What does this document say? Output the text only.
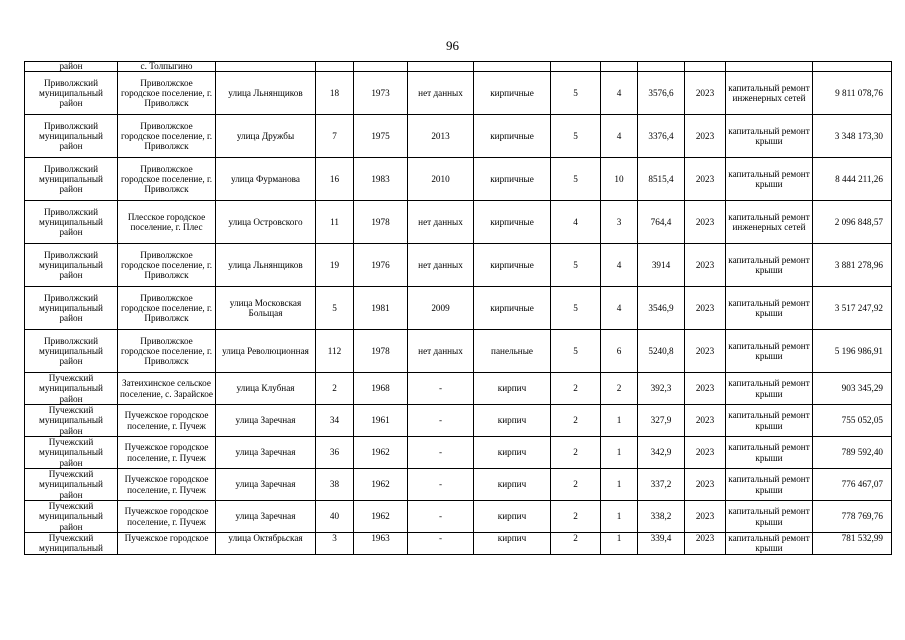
96
район	с. Толпыгино											
Приволжский муниципальный район	Приволжское городское поселение, г. Приволжск	улица Льнянщиков	18	1973	нет данных	кирпичные	5	4	3576,6	2023	капитальный ремонт инженерных сетей	9 811 078,76
Приволжский муниципальный район	Приволжское городское поселение, г. Приволжск	улица Дружбы	7	1975	2013	кирпичные	5	4	3376,4	2023	капитальный ремонт крыши	3 348 173,30
Приволжский муниципальный район	Приволжское городское поселение, г. Приволжск	улица Фурманова	16	1983	2010	кирпичные	5	10	8515,4	2023	капитальный ремонт крыши	8 444 211,26
Приволжский муниципальный район	Плесское городское поселение, г. Плес	улица Островского	11	1978	нет данных	кирпичные	4	3	764,4	2023	капитальный ремонт инженерных сетей	2 096 848,57
Приволжский муниципальный район	Приволжское городское поселение, г. Приволжск	улица Льнянщиков	19	1976	нет данных	кирпичные	5	4	3914	2023	капитальный ремонт крыши	3 881 278,96
Приволжский муниципальный район	Приволжское городское поселение, г. Приволжск	улица Московская Больщая	5	1981	2009	кирпичные	5	4	3546,9	2023	капитальный ремонт крыши	3 517 247,92
Приволжский муниципальный район	Приволжское городское поселение, г. Приволжск	улица Революционная	112	1978	нет данных	панельные	5	6	5240,8	2023	капитальный ремонт крыши	5 196 986,91
Пучежский муниципальный район	Затеихинское сельское поселение, с. Зарайское	улица Клубная	2	1968	-	кирпич	2	2	392,3	2023	капитальный ремонт крыши	903 345,29
Пучежский муниципальный район	Пучежское городское поселение, г. Пучеж	улица Заречная	34	1961	-	кирпич	2	1	327,9	2023	капитальный ремонт крыши	755 052,05
Пучежский муниципальный район	Пучежское городское поселение, г. Пучеж	улица Заречная	36	1962	-	кирпич	2	1	342,9	2023	капитальный ремонт крыши	789 592,40
Пучежский муниципальный район	Пучежское городское поселение, г. Пучеж	улица Заречная	38	1962	-	кирпич	2	1	337,2	2023	капитальный ремонт крыши	776 467,07
Пучежский муниципальный район	Пучежское городское поселение, г. Пучеж	улица Заречная	40	1962	-	кирпич	2	1	338,2	2023	капитальный ремонт крыши	778 769,76
Пучежский муниципальный	Пучежское городское	улица Октябрьская	3	1963	-	кирпич	2	1	339,4	2023	капитальный ремонт крыши	781 532,99
